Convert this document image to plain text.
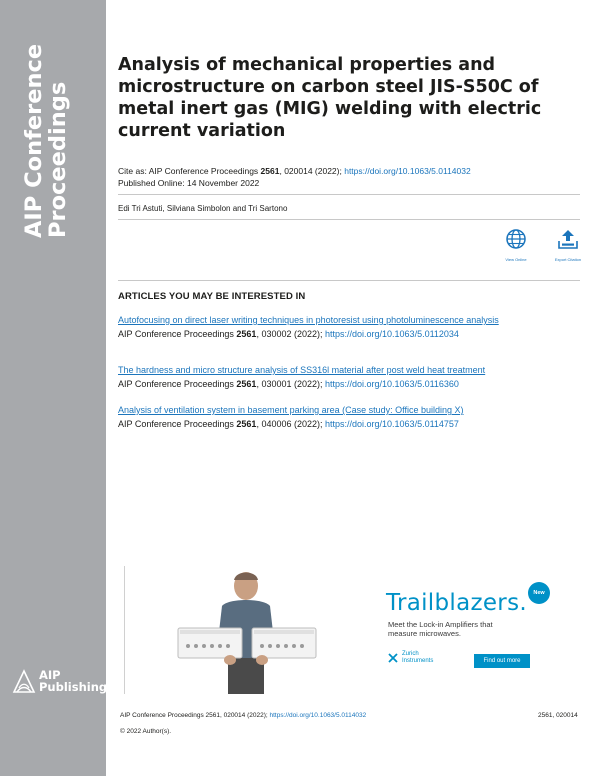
AIP Conference
Proceedings
AIP
Publishing
Analysis of mechanical properties and microstructure on carbon steel JIS-S50C of metal inert gas (MIG) welding with electric current variation
Cite as: AIP Conference Proceedings 2561, 020014 (2022); https://doi.org/10.1063/5.0114032
Published Online: 14 November 2022
Edi Tri Astuti, Silviana Simbolon and Tri Sartono
View Online	Export Citation
ARTICLES YOU MAY BE INTERESTED IN
Autofocusing on direct laser writing techniques in photoresist using photoluminescence analysis
AIP Conference Proceedings 2561, 030002 (2022); https://doi.org/10.1063/5.0112034
The hardness and micro structure analysis of SS316l material after post weld heat treatment
AIP Conference Proceedings 2561, 030001 (2022); https://doi.org/10.1063/5.0116360
Analysis of ventilation system in basement parking area (Case study: Office building X)
AIP Conference Proceedings 2561, 040006 (2022); https://doi.org/10.1063/5.0114757
Trailblazers.	New
Meet the Lock-in Amplifiers that measure microwaves.
Zurich
Instruments	Find out more
AIP Conference Proceedings 2561, 020014 (2022); https://doi.org/10.1063/5.0114032	2561, 020014
© 2022 Author(s).
